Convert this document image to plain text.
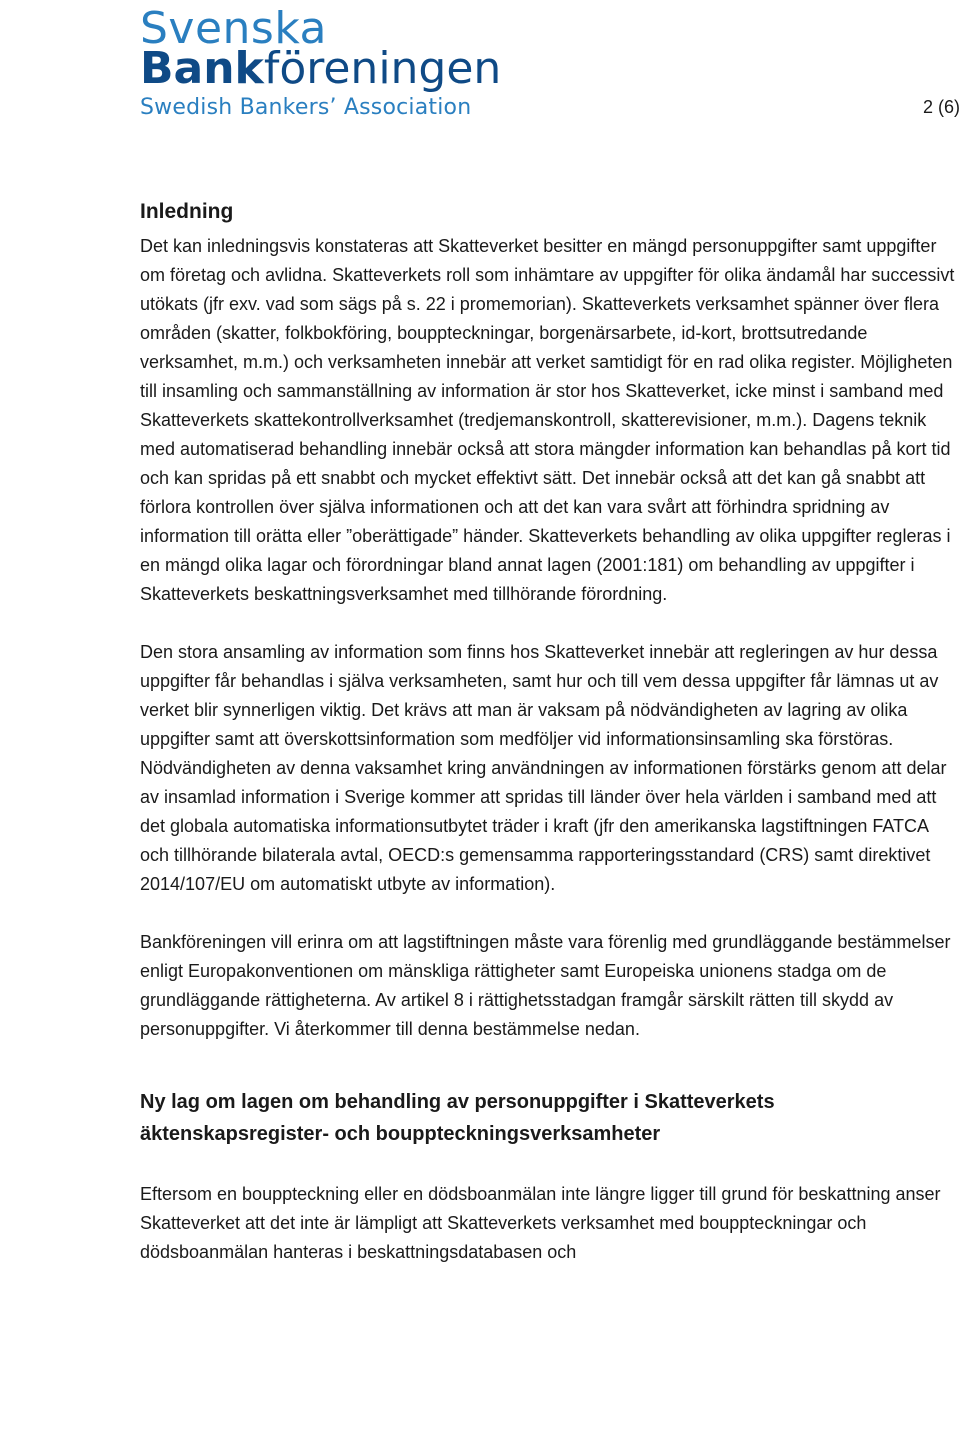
Svenska
Bankföreningen
Swedish Bankers’ Association	2 (6)
Inledning

Det kan inledningsvis konstateras att Skatteverket besitter en mängd personuppgifter samt uppgifter om företag och avlidna. Skatteverkets roll som inhämtare av uppgifter för olika ändamål har successivt utökats (jfr exv. vad som sägs på s. 22 i promemorian). Skatteverkets verksamhet spänner över flera områden (skatter, folkbokföring, bouppteckningar, borgenärsarbete, id-kort, brottsutredande verksamhet, m.m.) och verksamheten innebär att verket samtidigt för en rad olika register. Möjligheten till insamling och sammanställning av information är stor hos Skatteverket, icke minst i samband med Skatteverkets skattekontrollverksamhet (tredjemanskontroll, skatterevisioner, m.m.). Dagens teknik med automatiserad behandling innebär också att stora mängder information kan behandlas på kort tid och kan spridas på ett snabbt och mycket effektivt sätt. Det innebär också att det kan gå snabbt att förlora kontrollen över själva informationen och att det kan vara svårt att förhindra spridning av information till orätta eller ”oberättigade” händer. Skatteverkets behandling av olika uppgifter regleras i en mängd olika lagar och förordningar bland annat lagen (2001:181) om behandling av uppgifter i Skatteverkets beskattningsverksamhet med tillhörande förordning.

Den stora ansamling av information som finns hos Skatteverket innebär att regleringen av hur dessa uppgifter får behandlas i själva verksamheten, samt hur och till vem dessa uppgifter får lämnas ut av verket blir synnerligen viktig. Det krävs att man är vaksam på nödvändigheten av lagring av olika uppgifter samt att överskottsinformation som medföljer vid informationsinsamling ska förstöras. Nödvändigheten av denna vaksamhet kring användningen av informationen förstärks genom att delar av insamlad information i Sverige kommer att spridas till länder över hela världen i samband med att det globala automatiska informationsutbytet träder i kraft (jfr den amerikanska lagstiftningen FATCA och tillhörande bilaterala avtal, OECD:s gemensamma rapporteringsstandard (CRS) samt direktivet 2014/107/EU om automatiskt utbyte av information).

Bankföreningen vill erinra om att lagstiftningen måste vara förenlig med grundläggande bestämmelser enligt Europakonventionen om mänskliga rättigheter samt Europeiska unionens stadga om de grundläggande rättigheterna. Av artikel 8 i rättighetsstadgan framgår särskilt rätten till skydd av personuppgifter. Vi återkommer till denna bestämmelse nedan.

Ny lag om lagen om behandling av personuppgifter i Skatteverkets äktenskapsregister- och bouppteckningsverksamheter

Eftersom en bouppteckning eller en dödsboanmälan inte längre ligger till grund för beskattning anser Skatteverket att det inte är lämpligt att Skatteverkets verksamhet med bouppteckningar och dödsboanmälan hanteras i beskattningsdatabasen och
